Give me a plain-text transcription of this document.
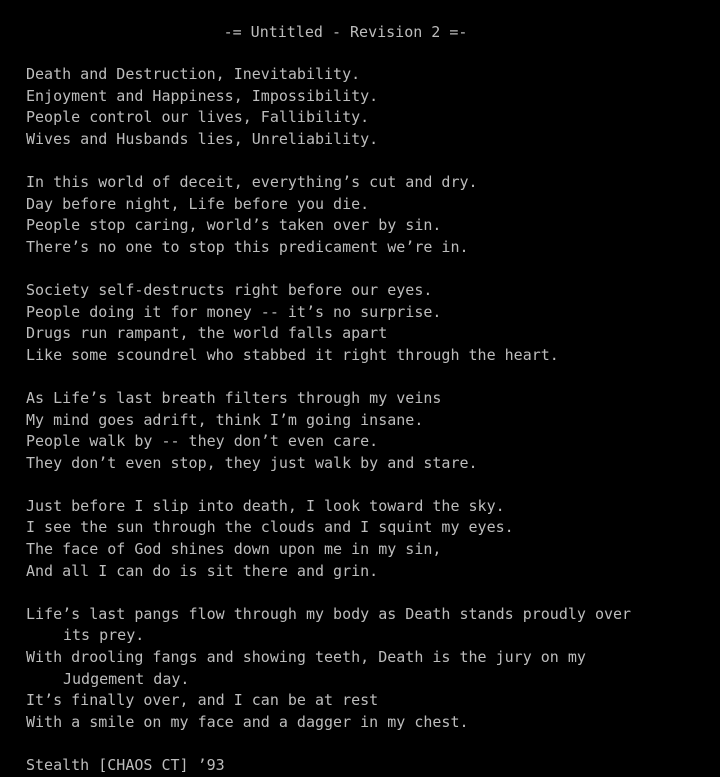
-= Untitled - Revision 2 =-
Death and Destruction, Inevitability.
Enjoyment and Happiness, Impossibility.
People control our lives, Fallibility.
Wives and Husbands lies, Unreliability.
In this world of deceit, everything’s cut and dry.
Day before night, Life before you die.
People stop caring, world’s taken over by sin.
There’s no one to stop this predicament we’re in.
Society self-destructs right before our eyes.
People doing it for money -- it’s no surprise.
Drugs run rampant, the world falls apart
Like some scoundrel who stabbed it right through the heart.
As Life’s last breath filters through my veins
My mind goes adrift, think I’m going insane.
People walk by -- they don’t even care.
They don’t even stop, they just walk by and stare.
Just before I slip into death, I look toward the sky.
I see the sun through the clouds and I squint my eyes.
The face of God shines down upon me in my sin,
And all I can do is sit there and grin.
Life’s last pangs flow through my body as Death stands proudly over
its prey.
With drooling fangs and showing teeth, Death is the jury on my
Judgement day.
It’s finally over, and I can be at rest
With a smile on my face and a dagger in my chest.
Stealth [CHAOS CT] ’93
